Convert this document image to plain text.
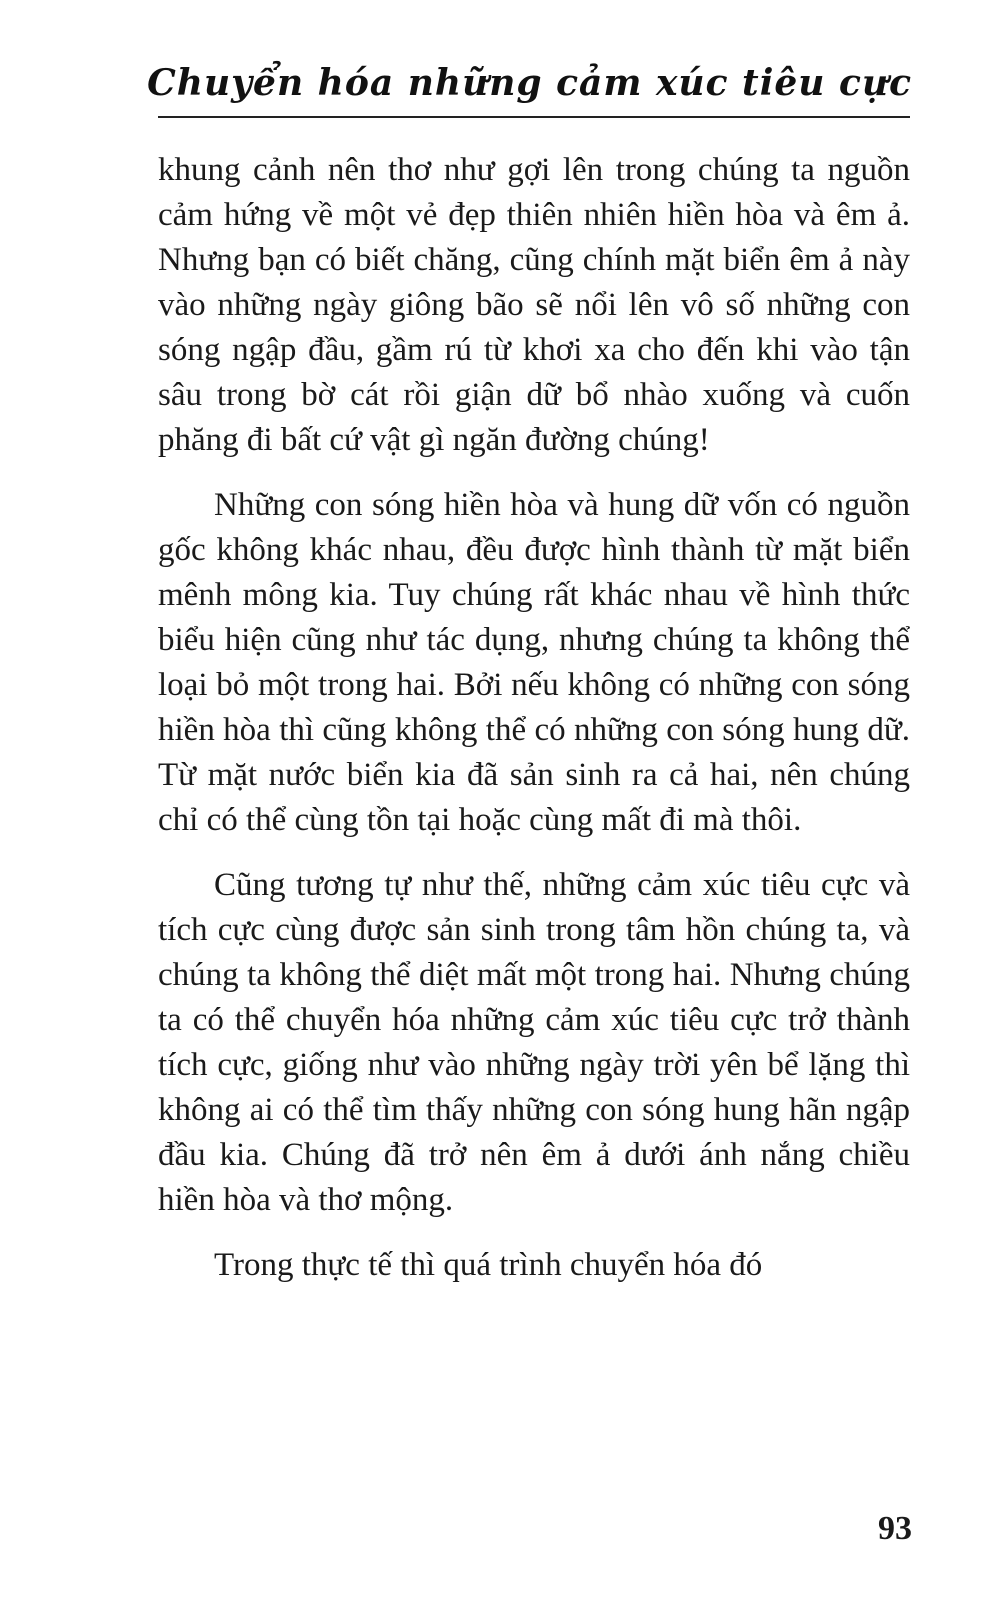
Chuyển hóa những cảm xúc tiêu cực

khung cảnh nên thơ như gợi lên trong chúng ta nguồn cảm hứng về một vẻ đẹp thiên nhiên hiền hòa và êm ả. Nhưng bạn có biết chăng, cũng chính mặt biển êm ả này vào những ngày giông bão sẽ nổi lên vô số những con sóng ngập đầu, gầm rú từ khơi xa cho đến khi vào tận sâu trong bờ cát rồi giận dữ bổ nhào xuống và cuốn phăng đi bất cứ vật gì ngăn đường chúng!

Những con sóng hiền hòa và hung dữ vốn có nguồn gốc không khác nhau, đều được hình thành từ mặt biển mênh mông kia. Tuy chúng rất khác nhau về hình thức biểu hiện cũng như tác dụng, nhưng chúng ta không thể loại bỏ một trong hai. Bởi nếu không có những con sóng hiền hòa thì cũng không thể có những con sóng hung dữ. Từ mặt nước biển kia đã sản sinh ra cả hai, nên chúng chỉ có thể cùng tồn tại hoặc cùng mất đi mà thôi.

Cũng tương tự như thế, những cảm xúc tiêu cực và tích cực cùng được sản sinh trong tâm hồn chúng ta, và chúng ta không thể diệt mất một trong hai. Nhưng chúng ta có thể chuyển hóa những cảm xúc tiêu cực trở thành tích cực, giống như vào những ngày trời yên bể lặng thì không ai có thể tìm thấy những con sóng hung hãn ngập đầu kia. Chúng đã trở nên êm ả dưới ánh nắng chiều hiền hòa và thơ mộng.

Trong thực tế thì quá trình chuyển hóa đó

93
